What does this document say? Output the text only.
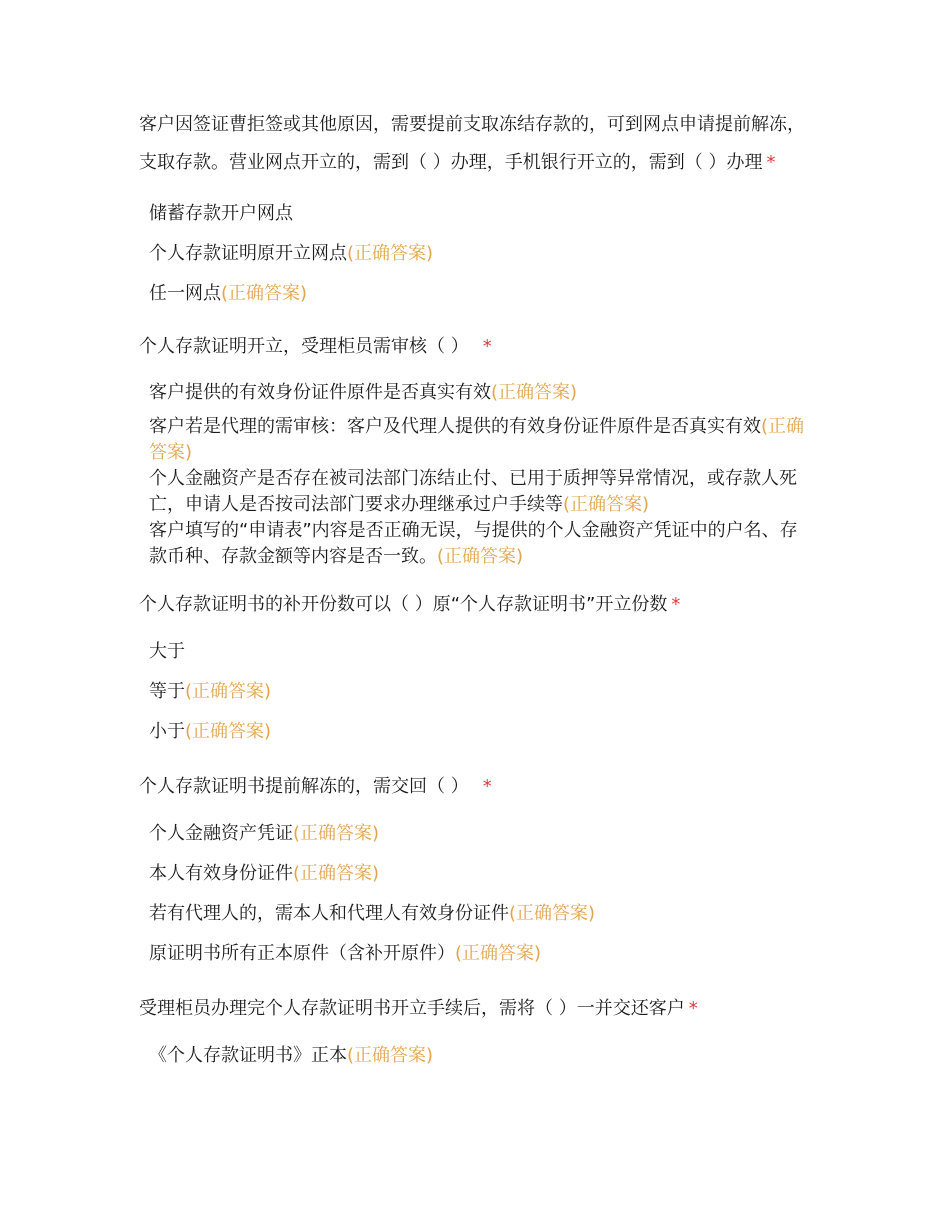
客户因签证曹拒签或其他原因，需要提前支取冻结存款的，可到网点申请提前解冻，支取存款。营业网点开立的，需到（ ）办理，手机银行开立的，需到（ ）办理 *

储蓄存款开户网点
个人存款证明原开立网点(正确答案)
任一网点(正确答案)

个人存款证明开立，受理柜员需审核（ ） *

客户提供的有效身份证件原件是否真实有效(正确答案)
客户若是代理的需审核：客户及代理人提供的有效身份证件原件是否真实有效(正确答案)
个人金融资产是否存在被司法部门冻结止付、已用于质押等异常情况，或存款人死亡，申请人是否按司法部门要求办理继承过户手续等(正确答案)
客户填写的“申请表”内容是否正确无误，与提供的个人金融资产凭证中的户名、存款币种、存款金额等内容是否一致。(正确答案)

个人存款证明书的补开份数可以（ ）原“个人存款证明书”开立份数 *

大于
等于(正确答案)
小于(正确答案)

个人存款证明书提前解冻的，需交回（ ） *

个人金融资产凭证(正确答案)
本人有效身份证件(正确答案)
若有代理人的，需本人和代理人有效身份证件(正确答案)
原证明书所有正本原件（含补开原件）(正确答案)

受理柜员办理完个人存款证明书开立手续后，需将（ ）一并交还客户 *

《个人存款证明书》正本(正确答案)
